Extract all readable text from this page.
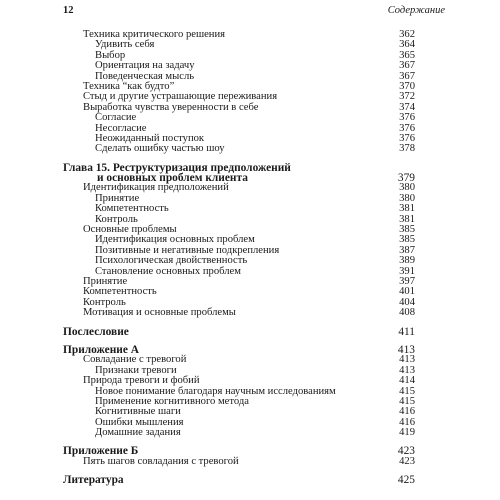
12	Содержание
Техника критического решения	362
Удивить себя	364
Выбор	365
Ориентация на задачу	367
Поведенческая мысль	367
Техника “как будто”	370
Стыд и другие устрашающие переживания	372
Выработка чувства уверенности в себе	374
Согласие	376
Несогласие	376
Неожиданный поступок	376
Сделать ошибку частью шоу	378
Глава 15. Реструктуризация предположений
и основных проблем клиента	379
Идентификация предположений	380
Принятие	380
Компетентность	381
Контроль	381
Основные проблемы	385
Идентификация основных проблем	385
Позитивные и негативные подкрепления	387
Психологическая двойственность	389
Становление основных проблем	391
Принятие	397
Компетентность	401
Контроль	404
Мотивация и основные проблемы	408
Послесловие	411
Приложение А	413
Совладание с тревогой	413
Признаки тревоги	413
Природа тревоги и фобий	414
Новое понимание благодаря научным исследованиям	415
Применение когнитивного метода	415
Когнитивные шаги	416
Ошибки мышления	416
Домашние задания	419
Приложение Б	423
Пять шагов совладания с тревогой	423
Литература	425
